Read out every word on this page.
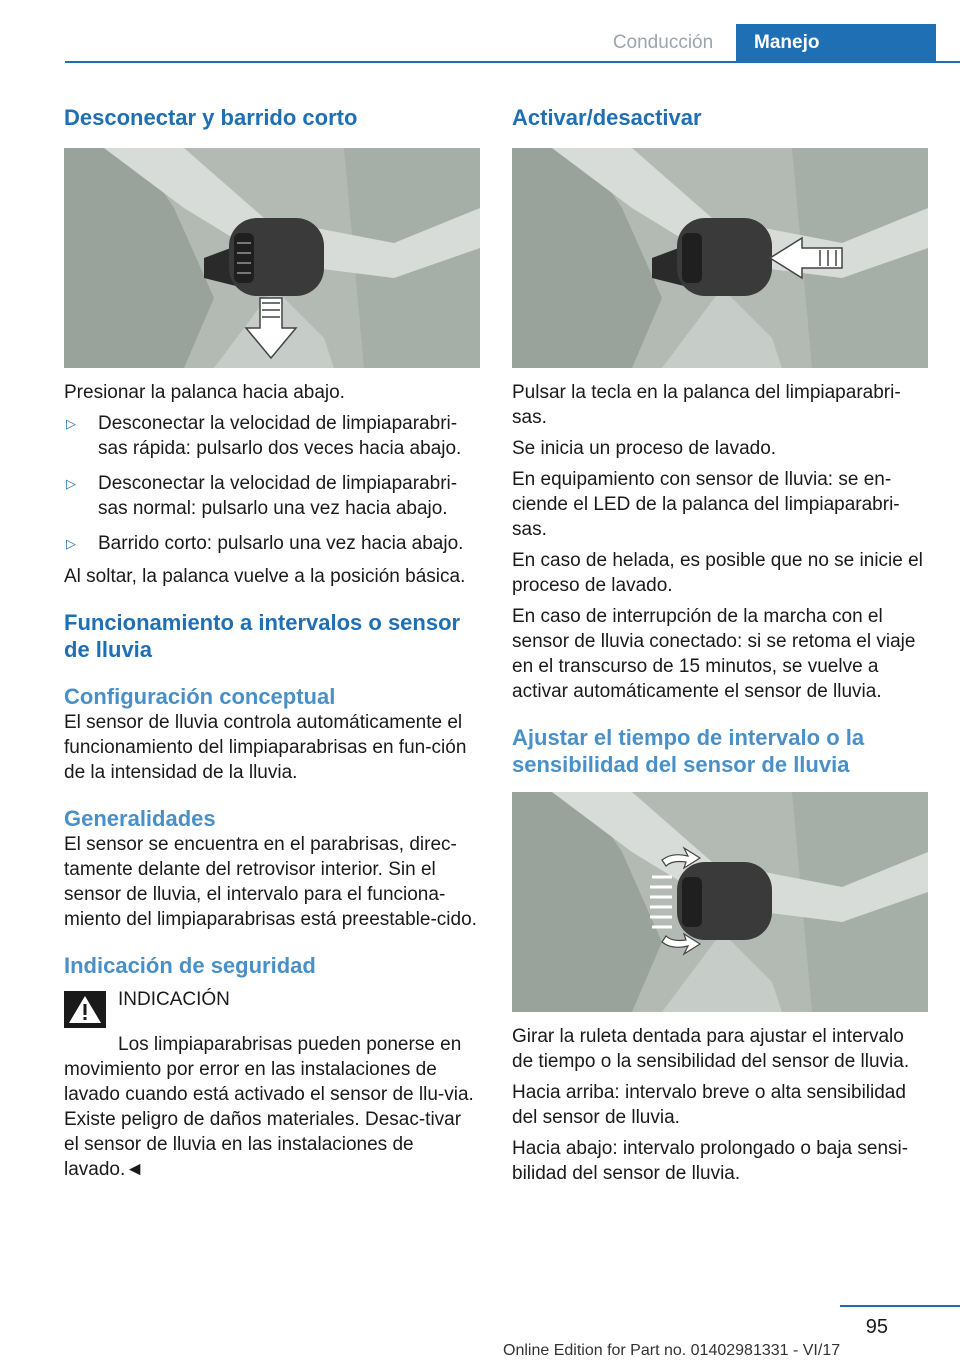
Conducción	Manejo
Desconectar y barrido corto

Presionar la palanca hacia abajo.

▷	Desconectar la velocidad de limpiaparabri‐sas rápida: pulsarlo dos veces hacia abajo.
▷	Desconectar la velocidad de limpiaparabri‐sas normal: pulsarlo una vez hacia abajo.
▷	Barrido corto: pulsarlo una vez hacia abajo.

Al soltar, la palanca vuelve a la posición básica.

Funcionamiento a intervalos o sensor de lluvia
Configuración conceptual

El sensor de lluvia controla automáticamente el funcionamiento del limpiaparabrisas en fun‐ción de la intensidad de la lluvia.

Generalidades

El sensor se encuentra en el parabrisas, direc‐tamente delante del retrovisor interior. Sin el sensor de lluvia, el intervalo para el funciona‐miento del limpiaparabrisas está preestable‐cido.

Indicación de seguridad

INDICACIÓN

Los limpiaparabrisas pueden ponerse en movimiento por error en las instalaciones de lavado cuando está activado el sensor de llu‐via. Existe peligro de daños materiales. Desac‐tivar el sensor de lluvia en las instalaciones de lavado.◄

Activar/desactivar

Pulsar la tecla en la palanca del limpiaparabri‐sas.

Se inicia un proceso de lavado.

En equipamiento con sensor de lluvia: se en‐ciende el LED de la palanca del limpiaparabri‐sas.

En caso de helada, es posible que no se inicie el proceso de lavado.

En caso de interrupción de la marcha con el sensor de lluvia conectado: si se retoma el viaje en el transcurso de 15 minutos, se vuelve a activar automáticamente el sensor de lluvia.

Ajustar el tiempo de intervalo o la sensibilidad del sensor de lluvia

Girar la ruleta dentada para ajustar el intervalo de tiempo o la sensibilidad del sensor de lluvia.

Hacia arriba: intervalo breve o alta sensibilidad del sensor de lluvia.

Hacia abajo: intervalo prolongado o baja sensi‐bilidad del sensor de lluvia.

95
Online Edition for Part no. 01402981331 - VI/17
